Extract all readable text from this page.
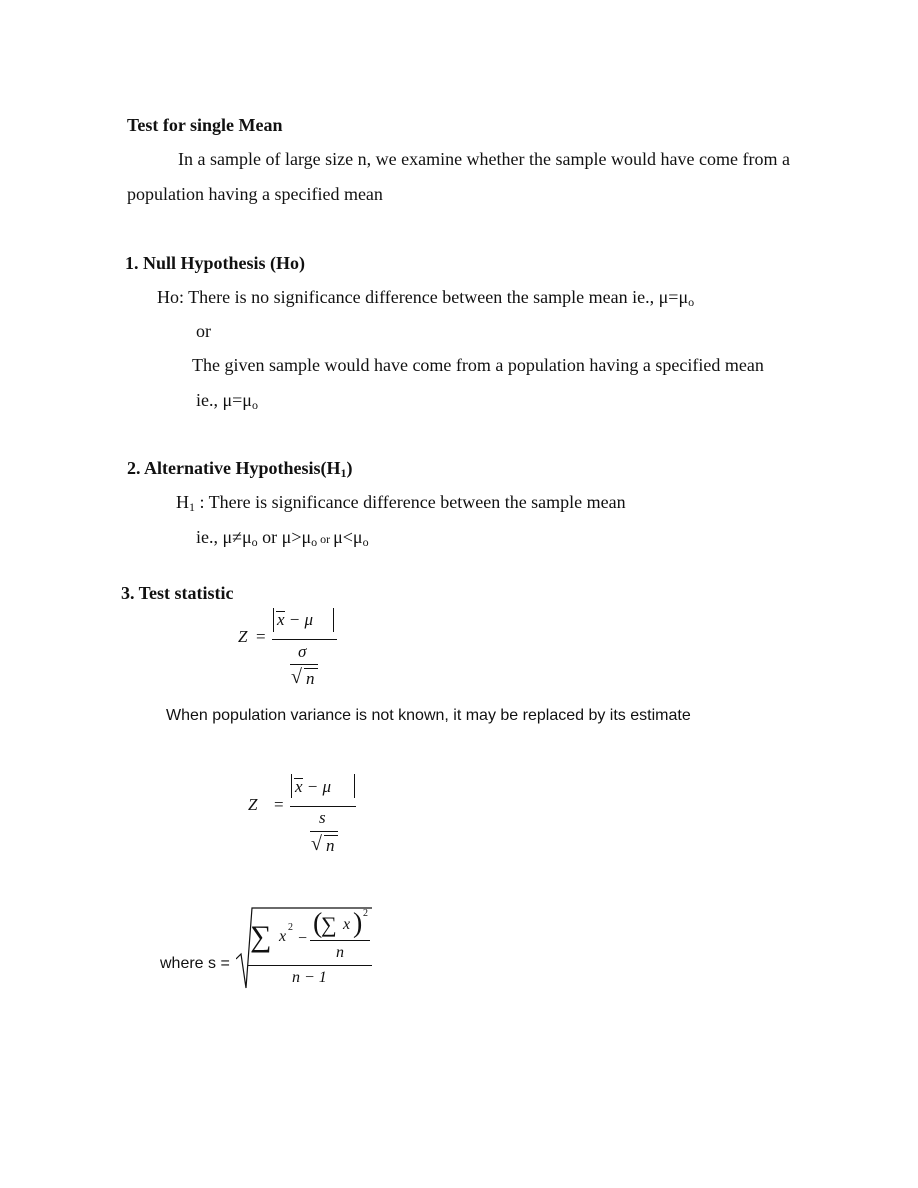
Test for single Mean
In a sample of large size n, we examine whether the sample would have come from a
population having a specified mean
1. Null Hypothesis (Ho)
Ho: There is no significance difference between the sample mean ie., $\mu=\mu_o$
or
The given sample would have come from a population having a specified mean
ie., $\mu=\mu_o$
2. Alternative $Hypothesis(H_1)$
$H_1$ : There is significance difference between the sample mean
ie., $\mu\ne\mu_o$ or $\mu>\mu_o$ or $\mu<\mu_o$
3. Test statistic
Z =
x − μ
σ
√ n
When population variance is not known, it may be replaced by its estimate
Z =
x − μ
s
√ n
where s =
∑ x
2
− (
∑ x ) 2
n
n − 1
